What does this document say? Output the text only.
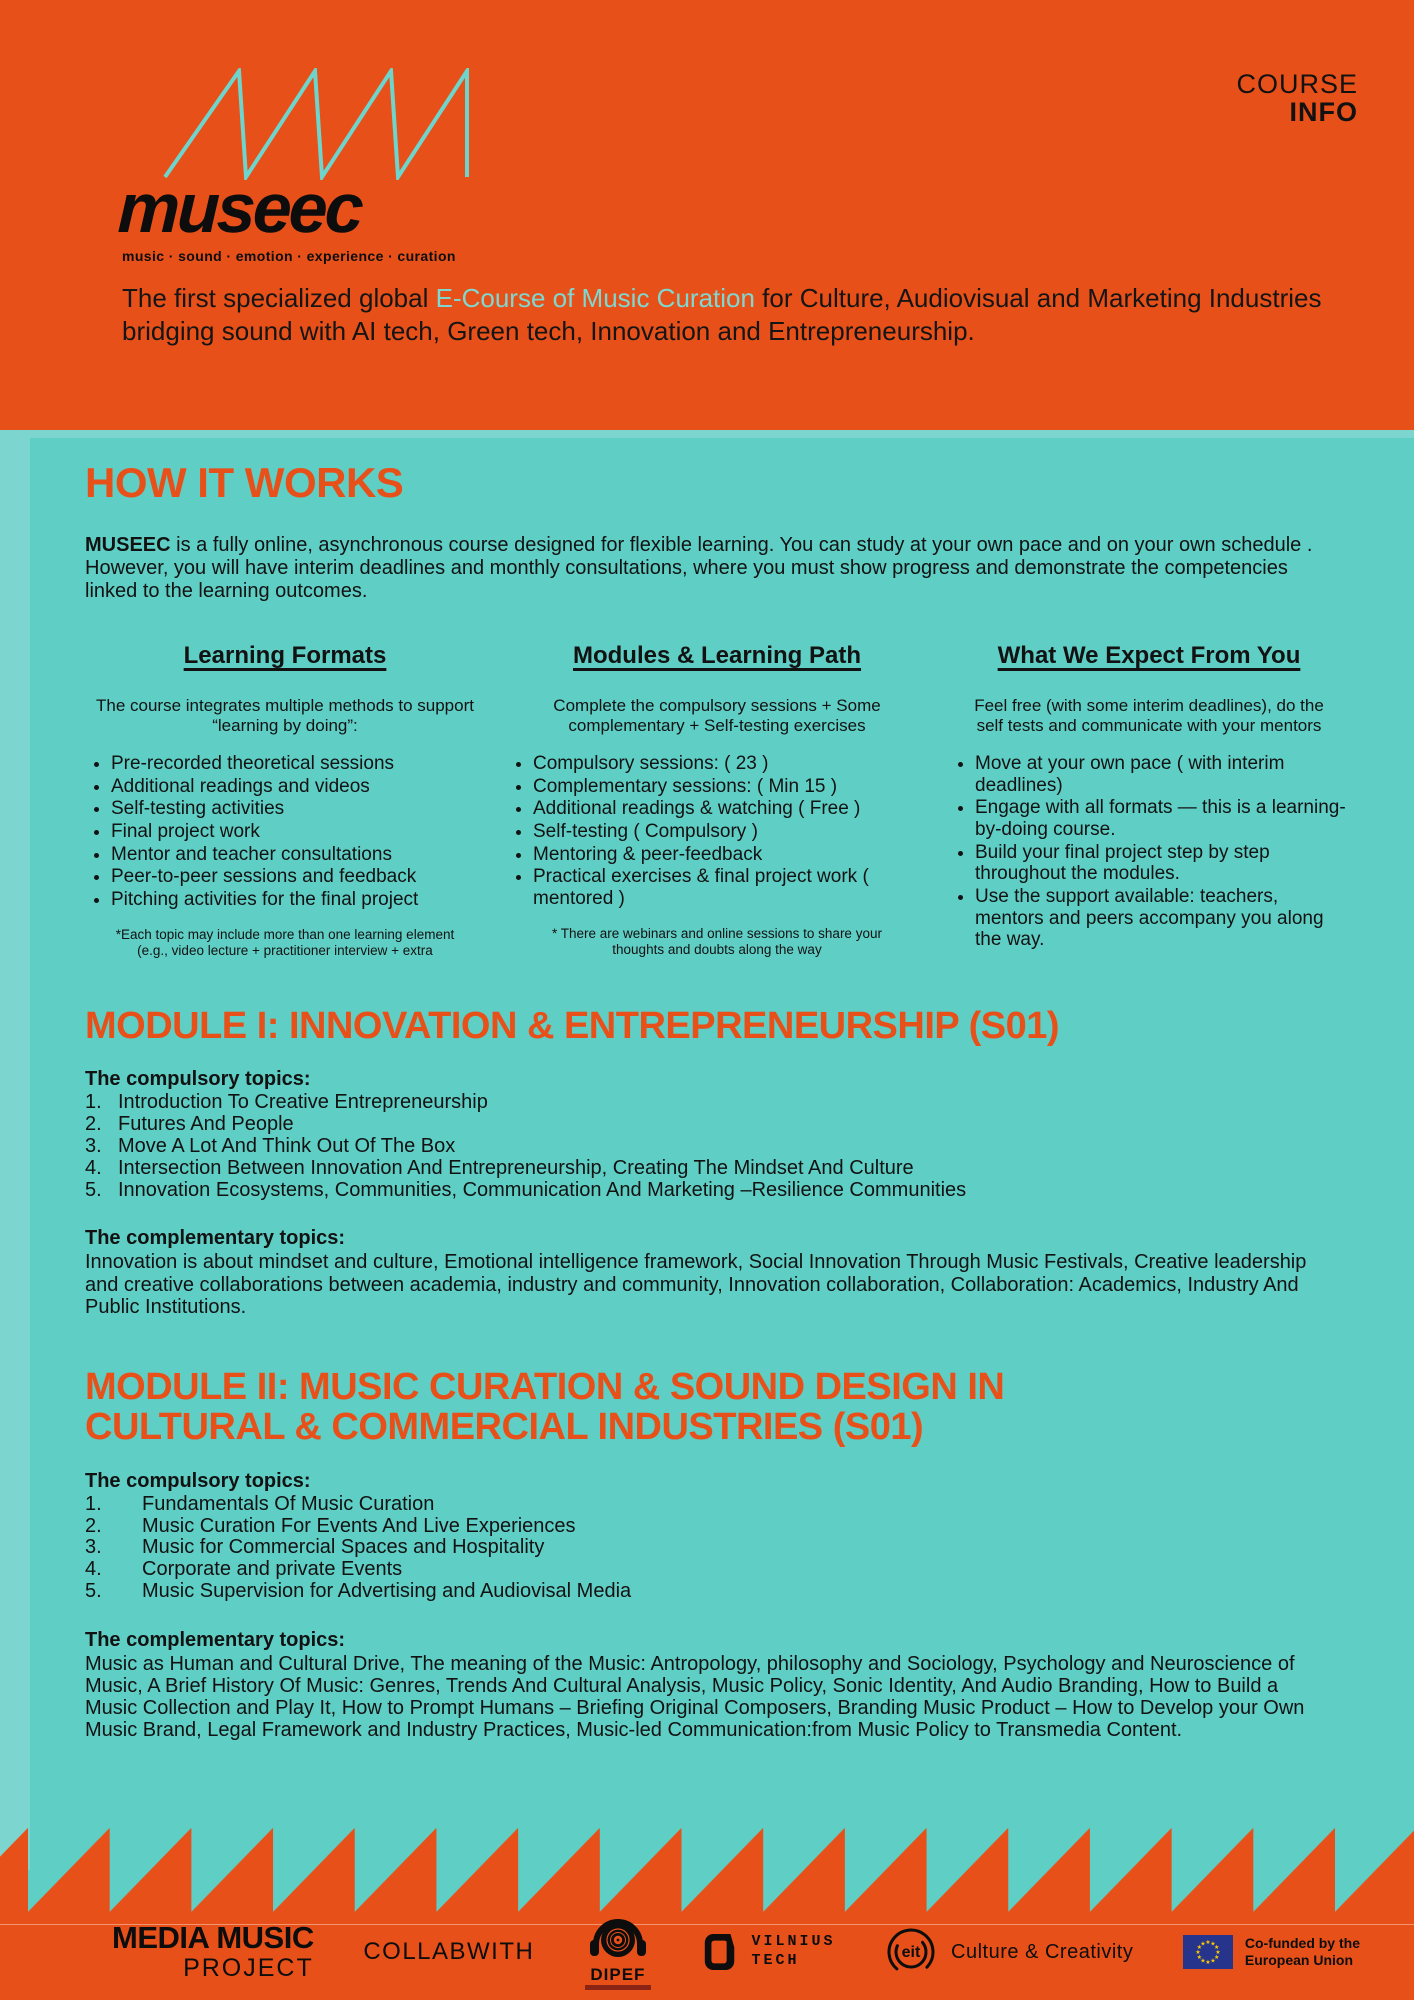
COURSE
INFO
museec
music · sound · emotion · experience · curation

The first specialized global E-Course of Music Curation for Culture, Audiovisual and Marketing Industries bridging sound with AI tech, Green tech, Innovation and Entrepreneurship.

HOW IT WORKS

MUSEEC is a fully online, asynchronous course designed for flexible learning. You can study at your own pace and on your own schedule . However, you will have interim deadlines and monthly consultations, where you must show progress and demonstrate the competencies linked to the learning outcomes.

Learning Formats

The course integrates multiple methods to support “learning by doing”:

• Pre-recorded theoretical sessions
• Additional readings and videos
• Self-testing activities
• Final project work
• Mentor and teacher consultations
• Peer-to-peer sessions and feedback
• Pitching activities for the final project

*Each topic may include more than one learning element (e.g., video lecture + practitioner interview + extra

Modules & Learning Path

Complete the compulsory sessions + Some complementary + Self-testing exercises

• Compulsory sessions: ( 23 )
• Complementary sessions: ( Min 15 )
• Additional readings & watching ( Free )
• Self-testing ( Compulsory )
• Mentoring & peer-feedback
• Practical exercises & final project work ( mentored )

* There are webinars and online sessions to share your thoughts and doubts along the way

What We Expect From You

Feel free (with some interim deadlines), do the self tests and communicate with your mentors

• Move at your own pace ( with interim deadlines)
• Engage with all formats — this is a learning-by-doing course.
• Build your final project step by step throughout the modules.
• Use the support available: teachers, mentors and peers accompany you along the way.
MODULE I: INNOVATION & ENTREPRENEURSHIP (S01)

The compulsory topics:

Introduction To Creative Entrepreneurship
Futures And People
Move A Lot And Think Out Of The Box
Intersection Between Innovation And Entrepreneurship, Creating The Mindset And Culture
Innovation Ecosystems, Communities, Communication And Marketing –Resilience Communities

The complementary topics:

Innovation is about mindset and culture, Emotional intelligence framework, Social Innovation Through Music Festivals, Creative leadership and creative collaborations between academia, industry and community, Innovation collaboration, Collaboration: Academics, Industry And Public Institutions.

MODULE II: MUSIC CURATION & SOUND DESIGN IN CULTURAL & COMMERCIAL INDUSTRIES (S01)

The compulsory topics:

Fundamentals Of Music Curation
Music Curation For Events And Live Experiences
Music for Commercial Spaces and Hospitality
Corporate and private Events
Music Supervision for Advertising and Audiovisal Media

The complementary topics:

Music as Human and Cultural Drive, The meaning of the Music: Antropology, philosophy and Sociology, Psychology and Neuroscience of Music, A Brief History Of Music: Genres, Trends And Cultural Analysis, Music Policy, Sonic Identity, And Audio Branding, How to Build a Music Collection and Play It, How to Prompt Humans – Briefing Original Composers, Branding Music Product – How to Develop your Own Music Brand, Legal Framework and Industry Practices, Music-led Communication:from Music Policy to Transmedia Content.

MEDIA MUSIC
PROJECT
COLLABWITH
DIPEF
VILNIUS
TECH	eit Culture & Creativity	★ ★
★
★
★
★
★
★
★
★
★
★	Co-funded by the
European Union
